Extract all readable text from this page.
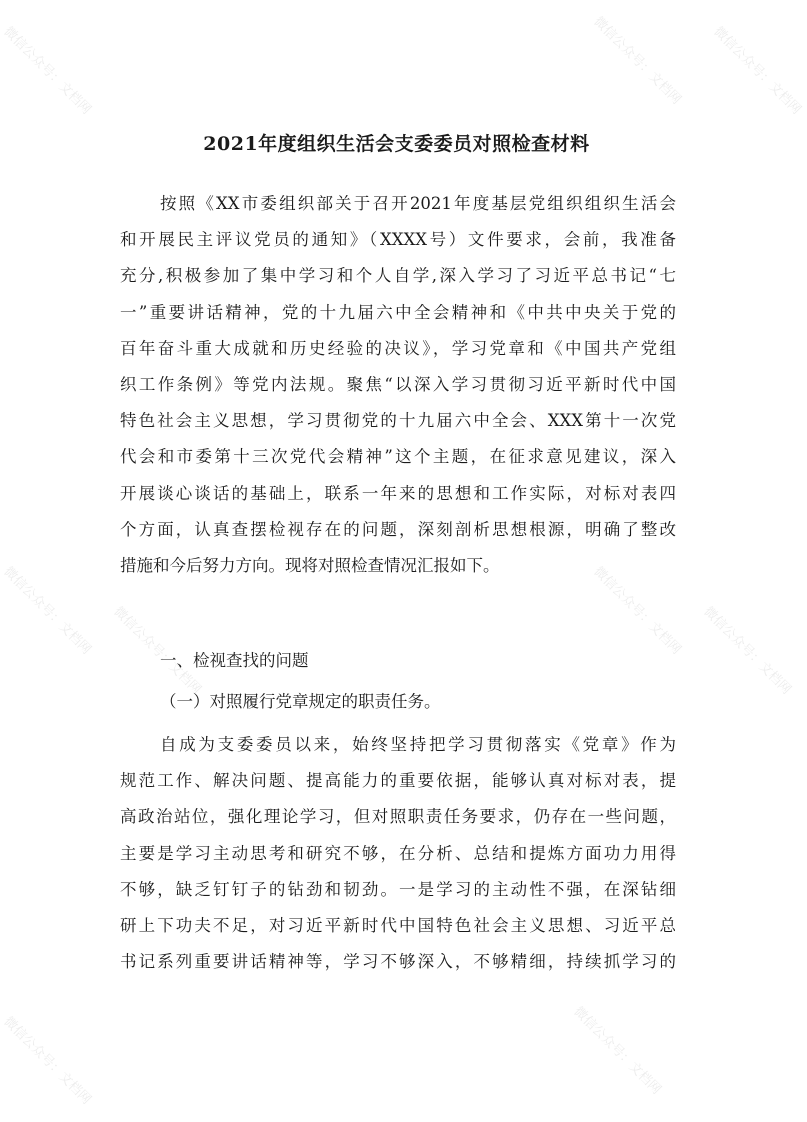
微信公众号：文档网	微信公众号：文档网 微信公众号：文档网
微信公众号：文档网 微信公众号：文档网	微信公众号：文档网 微信公众号：文档网
微信公众号：文档网
微信公众号：文档网
2021年度组织生活会支委委员对照检查材料
按照《XX市委组织部关于召开2021年度基层党组织组织生活会
和开展民主评议党员的通知》（XXXX号）文件要求，会前，我准备
充分,积极参加了集中学习和个人自学,深入学习了习近平总书记“七
一”重要讲话精神，党的十九届六中全会精神和《中共中央关于党的
百年奋斗重大成就和历史经验的决议》，学习党章和《中国共产党组
织工作条例》等党内法规。聚焦“以深入学习贯彻习近平新时代中国
特色社会主义思想，学习贯彻党的十九届六中全会、XXX第十一次党
代会和市委第十三次党代会精神”这个主题，在征求意见建议，深入
开展谈心谈话的基础上，联系一年来的思想和工作实际，对标对表四
个方面，认真查摆检视存在的问题，深刻剖析思想根源，明确了整改
措施和今后努力方向。现将对照检查情况汇报如下。
一、检视查找的问题
（一）对照履行党章规定的职责任务。
自成为支委委员以来，始终坚持把学习贯彻落实《党章》作为
规范工作、解决问题、提高能力的重要依据，能够认真对标对表，提
高政治站位，强化理论学习，但对照职责任务要求，仍存在一些问题，
主要是学习主动思考和研究不够，在分析、总结和提炼方面功力用得
不够，缺乏钉钉子的钻劲和韧劲。一是学习的主动性不强，在深钻细
研上下功夫不足，对习近平新时代中国特色社会主义思想、习近平总
书记系列重要讲话精神等，学习不够深入，不够精细，持续抓学习的
